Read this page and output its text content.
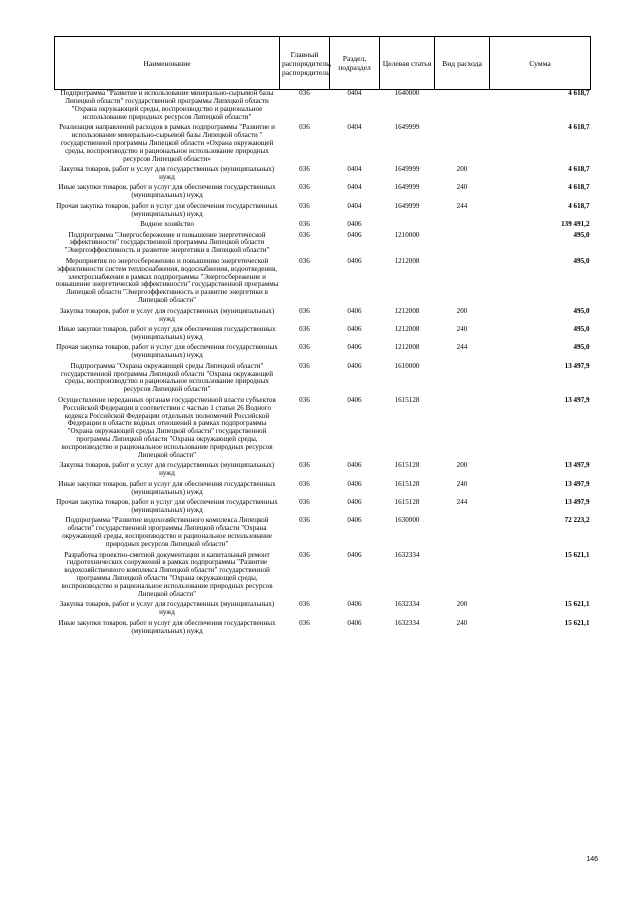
Наименование	Главный распорядитель, распорядитель	Раздел, подраздел	Целевая статья	Вид расхода	Сумма
Подпрограмма "Развитие и использование минерально-сырьевой базы Липецкой области" государственной программы Липецкой области "Охрана окружающей среды, воспроизводство и рациональное использование природных ресурсов Липецкой области"	036	0404	1640000		4 618,7
Реализация направлений расходов в рамках подпрограммы "Развитие и использование минерально-сырьевой базы Липецкой области " государственной программы Липецкой области «Охрана окружающей среды, воспроизводство и рациональное использование природных ресурсов Липецкой области»	036	0404	1649999		4 618,7
Закупка товаров, работ и услуг для государственных (муниципальных) нужд	036	0404	1649999	200	4 618,7
Иные закупки товаров, работ и услуг для обеспечения государственных (муниципальных) нужд	036	0404	1649999	240	4 618,7
Прочая закупка товаров, работ и услуг для обеспечения государственных (муниципальных) нужд	036	0404	1649999	244	4 618,7
Водное хозяйство	036	0406			139 491,2
Подпрограмма "Энергосбережение и повышение энергетической эффективности" государственной программы Липецкой области "Энергоэффективность и развитие энергетики в Липецкой области"	036	0406	1210000		495,0
Мероприятия по энергосбережению и повышению энергетической эффективности систем теплоснабжения, водоснабжения, водоотведения, электроснабжения в рамках подпрограммы "Энергосбережение и повышение энергетической эффективности" государственной программы Липецкой области "Энергоэффективность и развитие энергетики в Липецкой области"	036	0406	1212008		495,0
Закупка товаров, работ и услуг для государственных (муниципальных) нужд	036	0406	1212008	200	495,0
Иные закупки товаров, работ и услуг для обеспечения государственных (муниципальных) нужд	036	0406	1212008	240	495,0
Прочая закупка товаров, работ и услуг для обеспечения государственных (муниципальных) нужд	036	0406	1212008	244	495,0
Подпрограмма "Охрана окружающей среды Липецкой области" государственной программы Липецкой области "Охрана окружающей среды, воспроизводство и рациональное использование природных ресурсов Липецкой области"	036	0406	1610000		13 497,9
Осуществление переданных органам государственной власти субъектов Российской Федерации в соответствии с частью 1 статьи 26 Водного кодекса Российской Федерации отдельных полномочий Российской Федерации в области водных отношений в рамках подпрограммы "Охрана окружающей среды Липецкой области" государственной программы Липецкой области "Охрана окружающей среды, воспроизводство и рациональное использование природных ресурсов Липецкой области"	036	0406	1615128		13 497,9
Закупка товаров, работ и услуг для государственных (муниципальных) нужд	036	0406	1615128	200	13 497,9
Иные закупки товаров, работ и услуг для обеспечения государственных (муниципальных) нужд	036	0406	1615128	240	13 497,9
Прочая закупка товаров, работ и услуг для обеспечения государственных (муниципальных) нужд	036	0406	1615128	244	13 497,9
Подпрограмма "Развитие водохозяйственного комплекса Липецкой области" государственной программы Липецкой области "Охрана окружающей среды, воспроизводство и рациональное использование природных ресурсов Липецкой области"	036	0406	1630000		72 223,2
Разработка проектно-сметной документации и капитальный ремонт гидротехнических сооружений в рамках подпрограммы "Развитие водохозяйственного комплекса Липецкой области" государственной программы Липецкой области "Охрана окружающей среды, воспроизводство и рациональное использование природных ресурсов Липецкой области"	036	0406	1632334		15 621,1
Закупка товаров, работ и услуг для государственных (муниципальных) нужд	036	0406	1632334	200	15 621,1
Иные закупки товаров, работ и услуг для обеспечения государственных (муниципальных) нужд	036	0406	1632334	240	15 621,1
146
